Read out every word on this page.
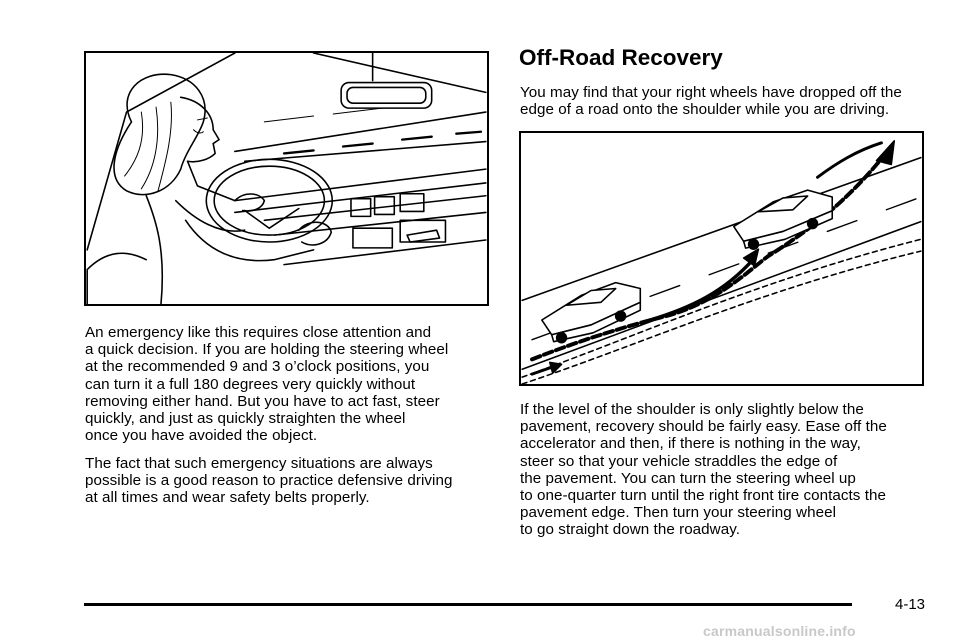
An emergency like this requires close attention and
a quick decision. If you are holding the steering wheel
at the recommended 9 and 3 o’clock positions, you
can turn it a full 180 degrees very quickly without
removing either hand. But you have to act fast, steer
quickly, and just as quickly straighten the wheel
once you have avoided the object.

The fact that such emergency situations are always
possible is a good reason to practice defensive driving
at all times and wear safety belts properly.

Off-Road Recovery

You may find that your right wheels have dropped off the
edge of a road onto the shoulder while you are driving.

If the level of the shoulder is only slightly below the
pavement, recovery should be fairly easy. Ease off the
accelerator and then, if there is nothing in the way,
steer so that your vehicle straddles the edge of
the pavement. You can turn the steering wheel up
to one-quarter turn until the right front tire contacts the
pavement edge. Then turn your steering wheel
to go straight down the roadway.

4-13
carmanualsonline.info
